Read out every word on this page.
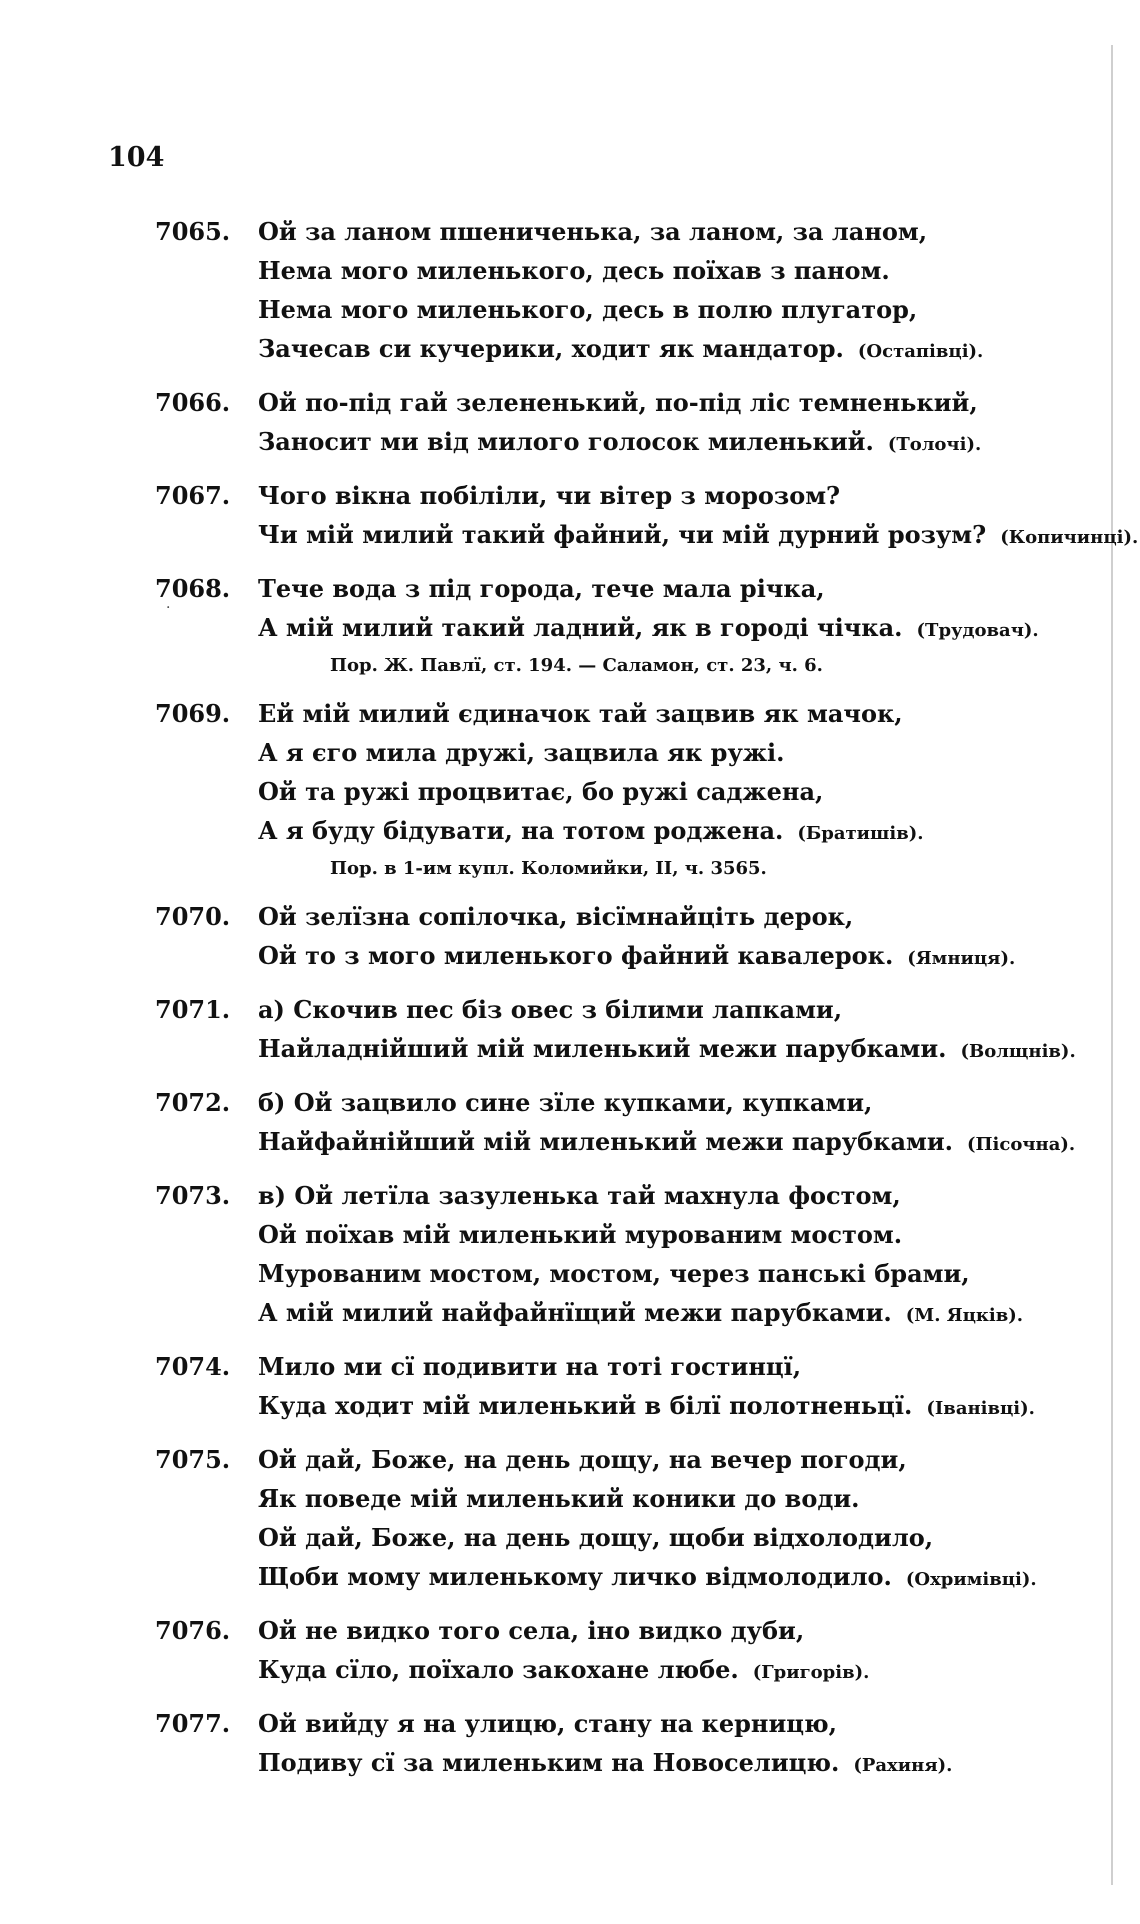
104
·
7065.	Ой за ланом пшениченька, за ланом, за ланом,
Нема мого миленького, десь поїхав з паном.
Нема мого миленького, десь в полю плугатор,
Зачесав си кучерики, ходит як мандатор. (Остапівці).
7066.	Ой по-під гай зелененький, по-під ліс темненький,
Заносит ми від милого голосок миленький. (Толочі).
7067.	Чого вікна побіліли, чи вітер з морозом?
Чи мій милий такий файний, чи мій дурний розум? (Копичинці).
7068.	Тече вода з під города, тече мала річка,
А мій милий такий ладний, як в городі чічка. (Трудовач).
Пор. Ж. Павлї, ст. 194. — Саламон, ст. 23, ч. 6.
7069.	Ей мій милий єдиначок тай зацвив як мачок,
А я єго мила дружі, зацвила як ружі.
Ой та ружі процвитає, бо ружі саджена,
А я буду бідувати, на тотом роджена. (Братишів).
Пор. в 1-им купл. Коломийки, II, ч. 3565.
7070.	Ой зелїзна сопілочка, вісїмнайціть дерок,
Ой то з мого миленького файний кавалерок. (Ямниця).
7071.	а) Скочив пес біз овес з білими лапками,
Найладнійший мій миленький межи парубками. (Волщнів).
7072.	б) Ой зацвило сине зїле купками, купками,
Найфайнійший мій миленький межи парубками. (Пісочна).
7073.	в) Ой летїла зазуленька тай махнула фостом,
Ой поїхав мій миленький мурованим мостом.
Мурованим мостом, мостом, через панські брами,
А мій милий найфайнїщий межи парубками. (М. Яцків).
7074.	Мило ми сї подивити на тоті гостинцї,
Куда ходит мій миленький в білї полотненьцї. (Іванівці).
7075.	Ой дай, Боже, на день дощу, на вечер погоди,
Як поведе мій миленький коники до води.
Ой дай, Боже, на день дощу, щоби відхолодило,
Щоби мому миленькому личко відмолодило. (Охримівці).
7076.	Ой не видко того села, іно видко дуби,
Куда сїло, поїхало закохане любе. (Григорів).
7077.	Ой вийду я на улицю, стану на керницю,
Подиву сї за миленьким на Новоселицю. (Рахиня).
